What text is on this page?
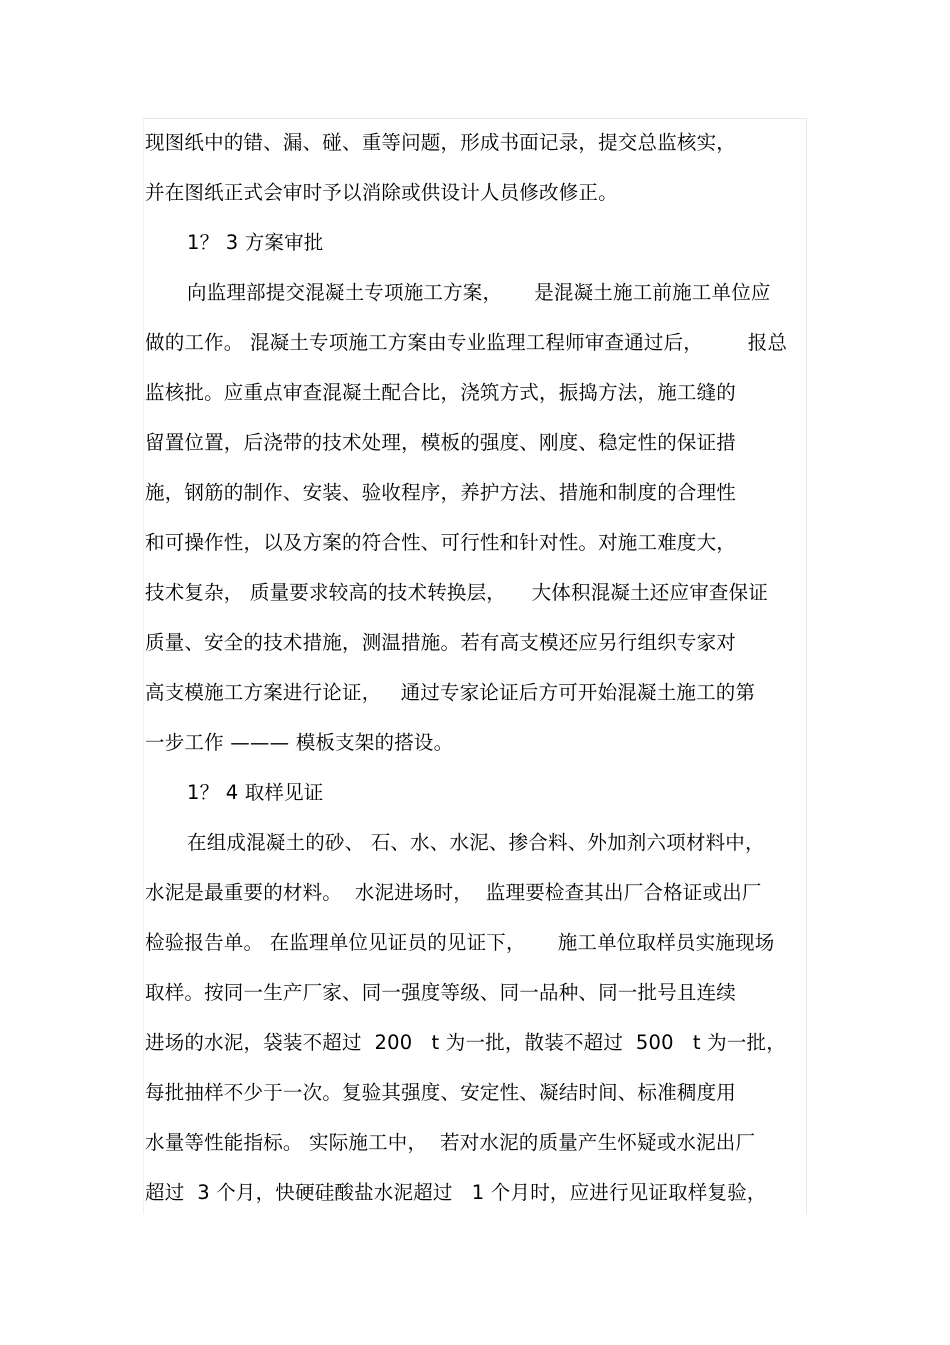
现图纸中的错、漏、碰、重等问题，形成书面记录，提交总监核实，
并在图纸正式会审时予以消除或供设计人员修改修正。
1？ 3 方案审批
向监理部提交混凝土专项施工方案，     是混凝土施工前施工单位应
做的工作。 混凝土专项施工方案由专业监理工程师审查通过后，       报总
监核批。应重点审查混凝土配合比，浇筑方式，振捣方法，施工缝的
留置位置，后浇带的技术处理，模板的强度、刚度、稳定性的保证措
施，钢筋的制作、安装、验收程序，养护方法、措施和制度的合理性
和可操作性，以及方案的符合性、可行性和针对性。对施工难度大，
技术复杂， 质量要求较高的技术转换层，    大体积混凝土还应审查保证
质量、安全的技术措施，测温措施。若有高支模还应另行组织专家对
高支模施工方案进行论证，   通过专家论证后方可开始混凝土施工的第
一步工作 ——— 模板支架的搭设。
1？ 4 取样见证
在组成混凝土的砂、 石、水、水泥、掺合料、外加剂六项材料中，
水泥是最重要的材料。  水泥进场时，  监理要检查其出厂合格证或出厂
检验报告单。 在监理单位见证员的见证下，     施工单位取样员实施现场
取样。按同一生产厂家、同一强度等级、同一品种、同一批号且连续
进场的水泥，袋装不超过  200   t 为一批，散装不超过  500   t 为一批，
每批抽样不少于一次。复验其强度、安定性、凝结时间、标准稠度用
水量等性能指标。 实际施工中，  若对水泥的质量产生怀疑或水泥出厂
超过  3 个月，快硬硅酸盐水泥超过   1 个月时，应进行见证取样复验，
